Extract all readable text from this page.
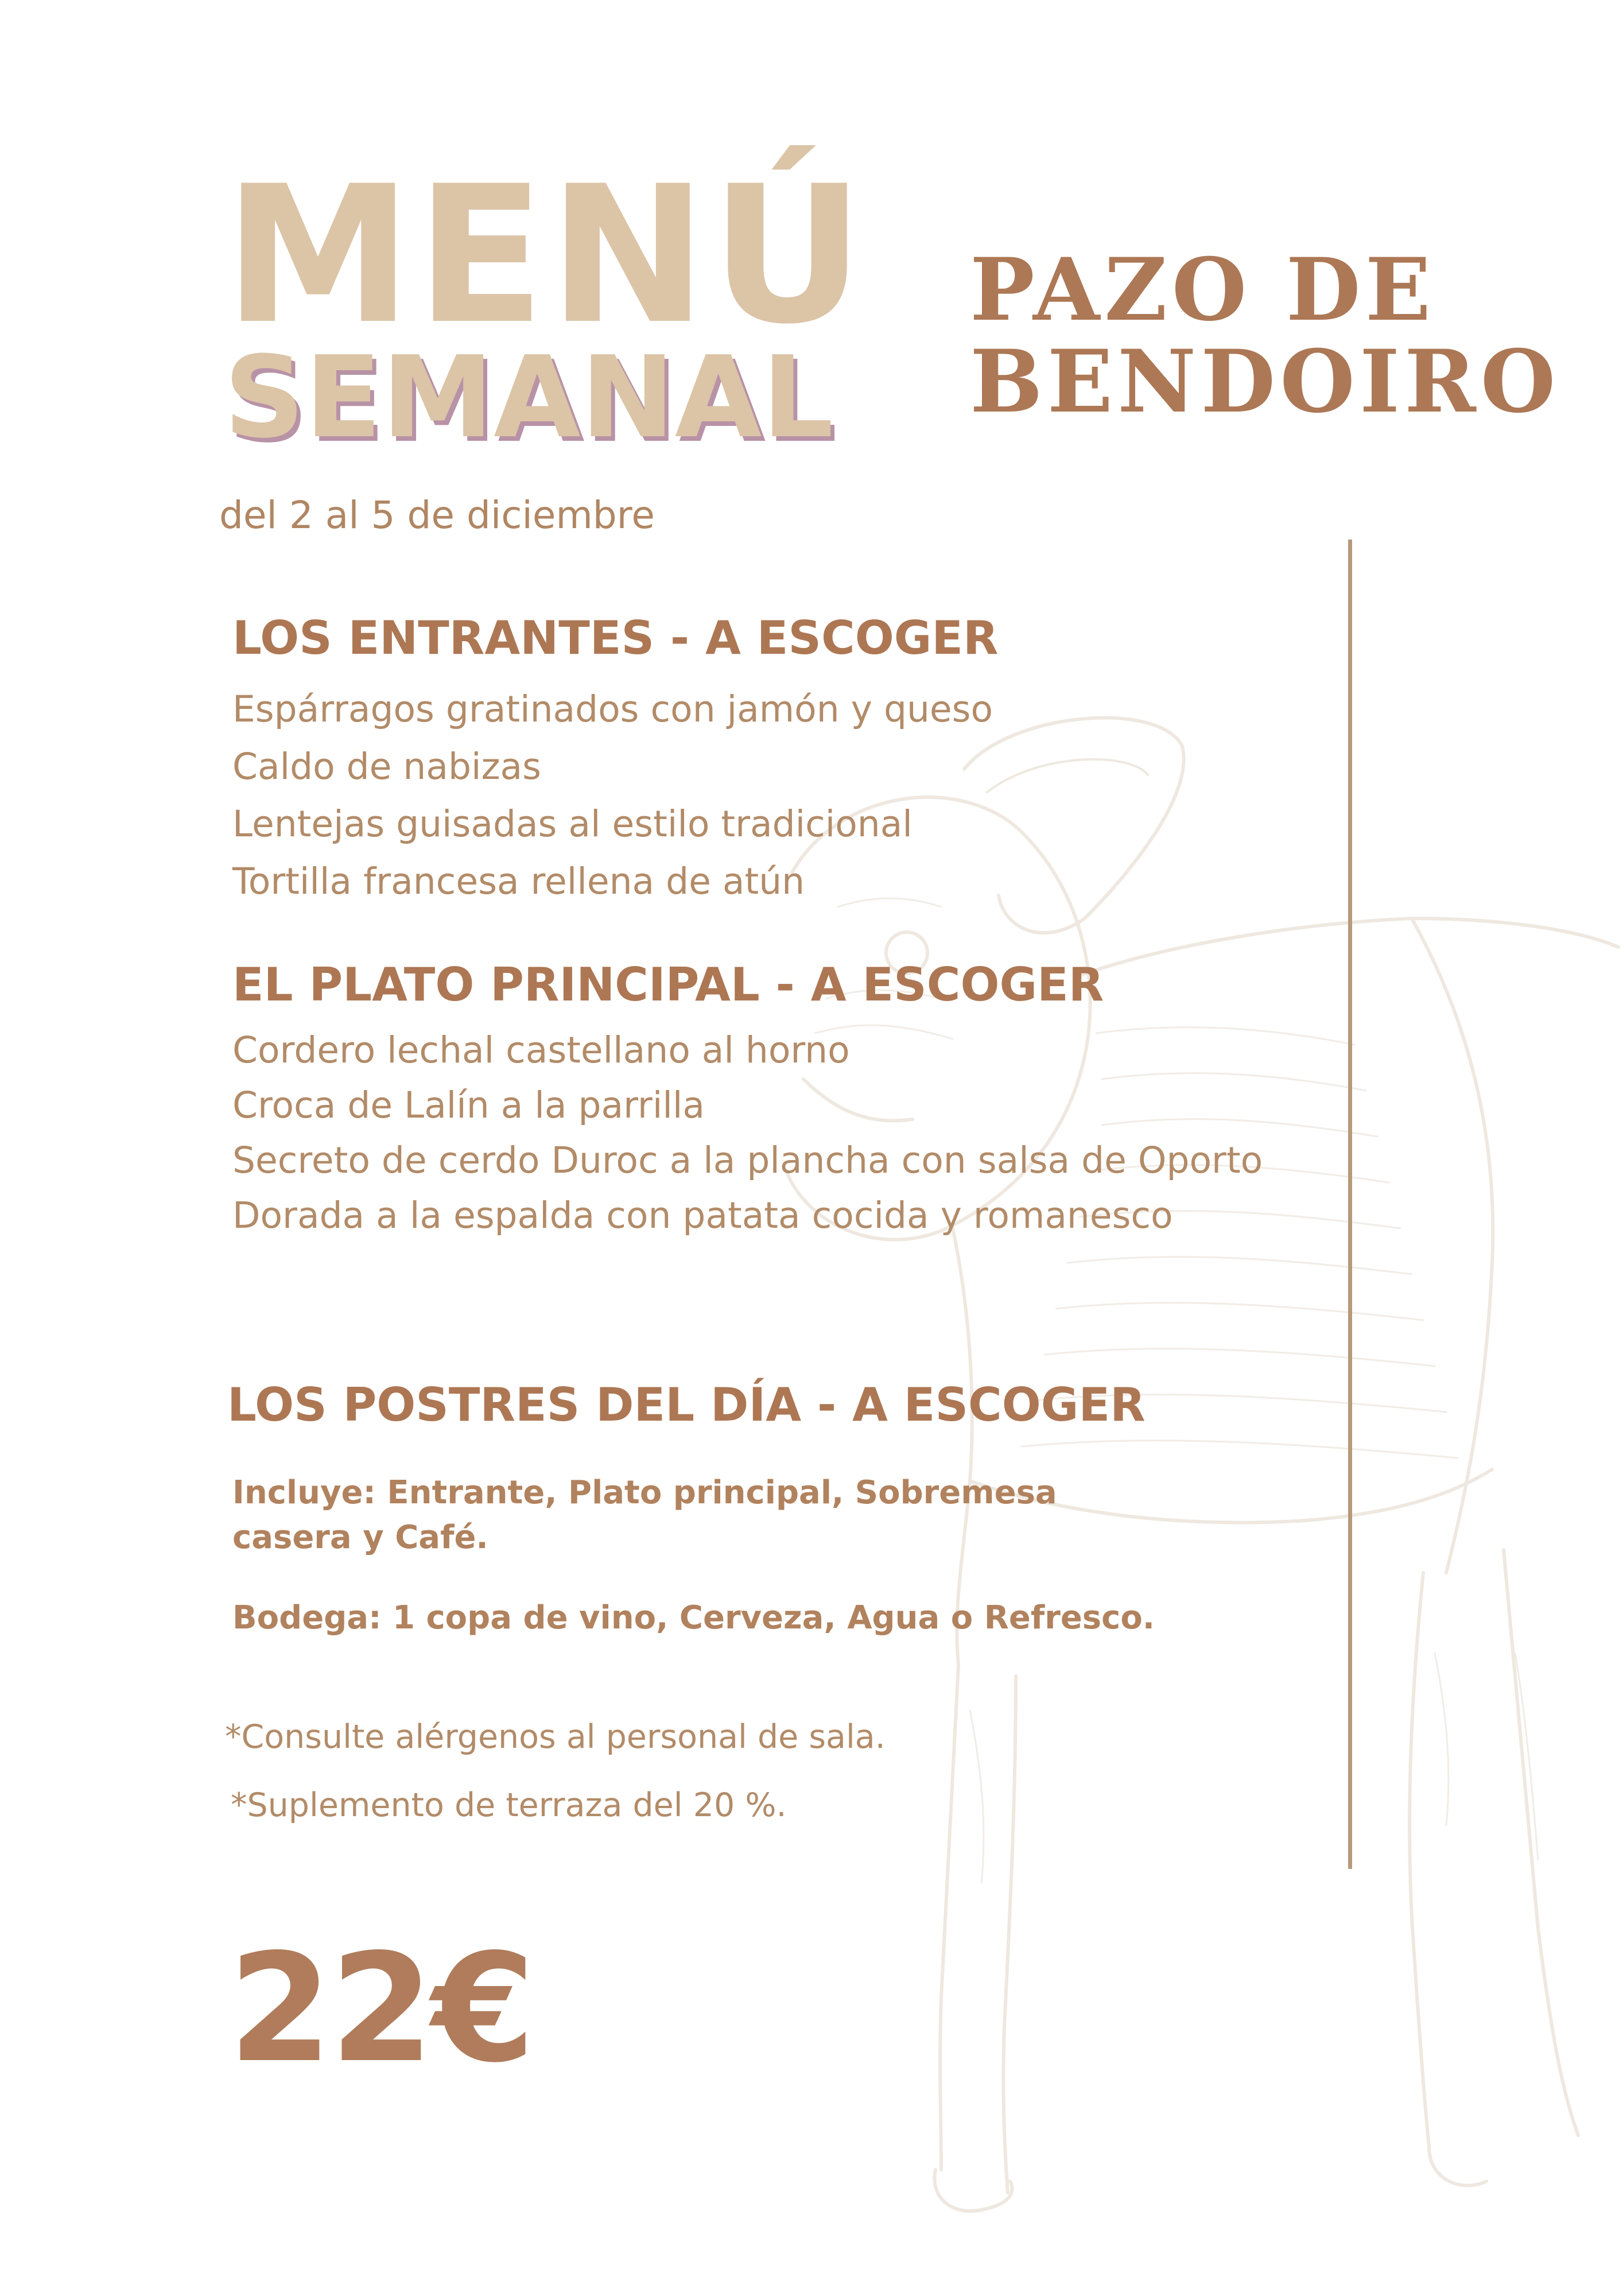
MENÚ
SEMANAL
del 2 al 5 de diciembre
PAZO DE
BENDOIRO
LOS ENTRANTES - A ESCOGER
Espárragos gratinados con jamón y queso
Caldo de nabizas
Lentejas guisadas al estilo tradicional
Tortilla francesa rellena de atún
EL PLATO PRINCIPAL - A ESCOGER
Cordero lechal castellano al horno
Croca de Lalín a la parrilla
Secreto de cerdo Duroc a la plancha con salsa de Oporto
Dorada a la espalda con patata cocida y romanesco
LOS POSTRES DEL DÍA - A ESCOGER

Incluye: Entrante, Plato principal, Sobremesa

casera y Café.

Bodega: 1 copa de vino, Cerveza, Agua o Refresco.

*Consulte alérgenos al personal de sala.

*Suplemento de terraza del 20 %.

22€
